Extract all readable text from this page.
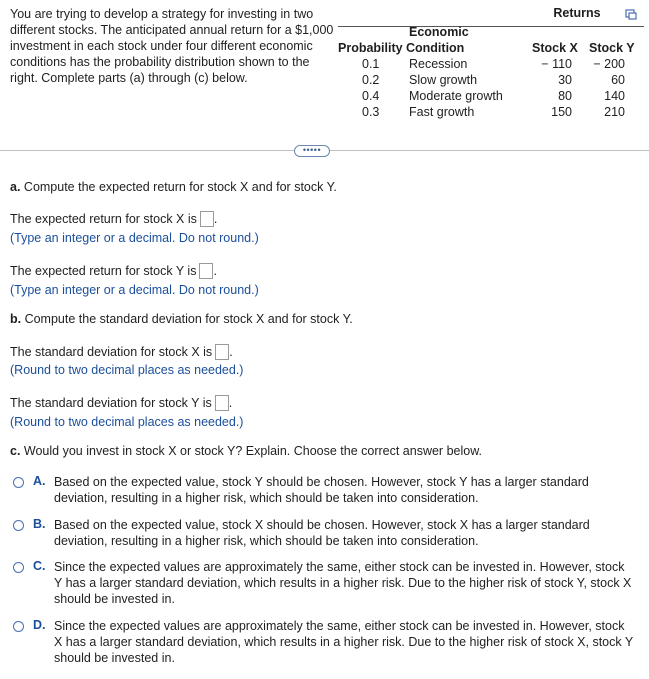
You are trying to develop a strategy for investing in two different stocks. The anticipated annual return for a $1,000 investment in each stock under four different economic conditions has the probability distribution shown to the right. Complete parts (a) through (c) below.
Returns
Economic
Probability Condition	Stock X Stock Y
0.1 Recession	− 110	− 200
0.2 Slow growth	30	60
0.4 Moderate growth	80	140
0.3 Fast growth	150	210
•••••
a. Compute the expected return for stock X and for stock Y.
The expected return for stock X is .
(Type an integer or a decimal. Do not round.)
The expected return for stock Y is .
(Type an integer or a decimal. Do not round.)
b. Compute the standard deviation for stock X and for stock Y.
The standard deviation for stock X is .
(Round to two decimal places as needed.)
The standard deviation for stock Y is .
(Round to two decimal places as needed.)
c. Would you invest in stock X or stock Y? Explain. Choose the correct answer below.
A. Based on the expected value, stock Y should be chosen. However, stock Y has a larger standard deviation, resulting in a higher risk, which should be taken into consideration.
B. Based on the expected value, stock X should be chosen. However, stock X has a larger standard deviation, resulting in a higher risk, which should be taken into consideration.
C. Since the expected values are approximately the same, either stock can be invested in. However, stock Y has a larger standard deviation, which results in a higher risk. Due to the higher risk of stock Y, stock X should be invested in.
D. Since the expected values are approximately the same, either stock can be invested in. However, stock X has a larger standard deviation, which results in a higher risk. Due to the higher risk of stock X, stock Y should be invested in.
